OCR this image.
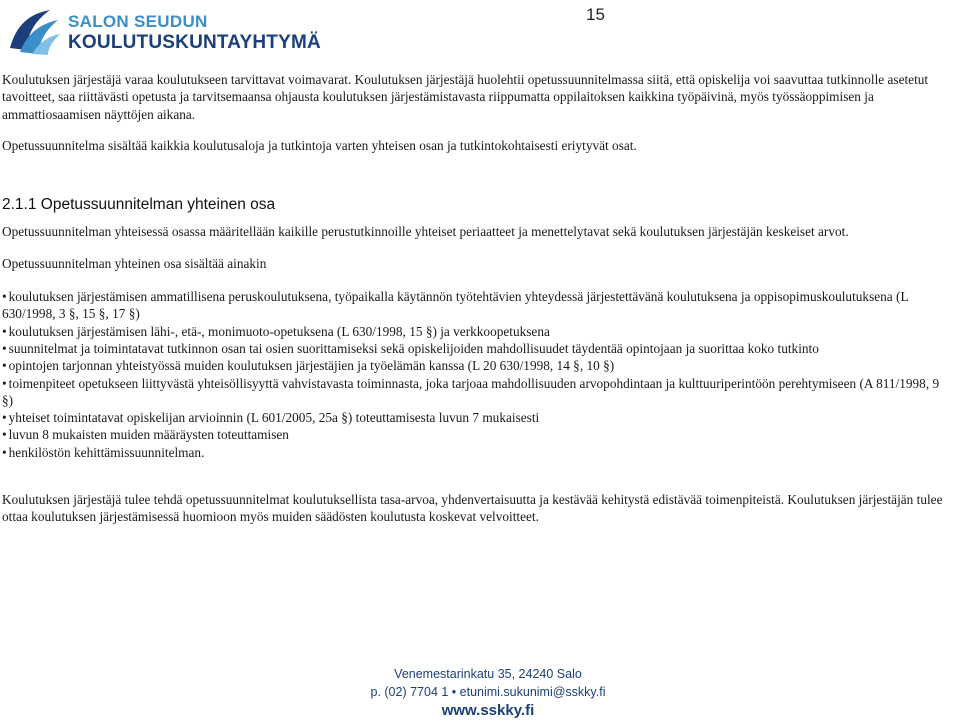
SALON SEUDUN
KOULUTUSKUNTAYHTYMÄ
15

Koulutuksen järjestäjä varaa koulutukseen tarvittavat voimavarat. Koulutuksen järjestäjä huolehtii opetussuunnitelmassa siitä, että opiskelija voi saavuttaa tutkinnolle asetetut tavoitteet, saa riittävästi opetusta ja tarvitsemaansa ohjausta koulutuksen järjestämistavasta riippumatta oppilaitoksen kaikkina työpäivinä, myös työssäoppimisen ja ammattiosaamisen näyttöjen aikana.

Opetussuunnitelma sisältää kaikkia koulutusaloja ja tutkintoja varten yhteisen osan ja tutkintokohtaisesti eriytyvät osat.

2.1.1 Opetussuunnitelman yhteinen osa

Opetussuunnitelman yhteisessä osassa määritellään kaikille perustutkinnoille yhteiset periaatteet ja menettelytavat sekä koulutuksen järjestäjän keskeiset arvot.

Opetussuunnitelman yhteinen osa sisältää ainakin

• koulutuksen järjestämisen ammatillisena peruskoulutuksena, työpaikalla käytännön työtehtävien yhteydessä järjestettävänä koulutuksena ja oppisopimuskoulutuksena (L 630/1998, 3 §, 15 §, 17 §)
• koulutuksen järjestämisen lähi-, etä-, monimuoto-opetuksena (L 630/1998, 15 §) ja verkkoopetuksena
• suunnitelmat ja toimintatavat tutkinnon osan tai osien suorittamiseksi sekä opiskelijoiden mahdollisuudet täydentää opintojaan ja suorittaa koko tutkinto
• opintojen tarjonnan yhteistyössä muiden koulutuksen järjestäjien ja työelämän kanssa (L 20 630/1998, 14 §, 10 §)
• toimenpiteet opetukseen liittyvästä yhteisöllisyyttä vahvistavasta toiminnasta, joka tarjoaa mahdollisuuden arvopohdintaan ja kulttuuriperintöön perehtymiseen (A 811/1998, 9 §)
• yhteiset toimintatavat opiskelijan arvioinnin (L 601/2005, 25a §) toteuttamisesta luvun 7 mukaisesti
• luvun 8 mukaisten muiden määräysten toteuttamisen
• henkilöstön kehittämissuunnitelman.

Koulutuksen järjestäjä tulee tehdä opetussuunnitelmat koulutuksellista tasa-arvoa, yhdenvertaisuutta ja kestävää kehitystä edistävää toimenpiteistä. Koulutuksen järjestäjän tulee ottaa koulutuksen järjestämisessä huomioon myös muiden säädösten koulutusta koskevat velvoitteet.

Venemestarinkatu 35, 24240 Salo
p. (02) 7704 1 • etunimi.sukunimi@sskky.fi
www.sskky.fi
